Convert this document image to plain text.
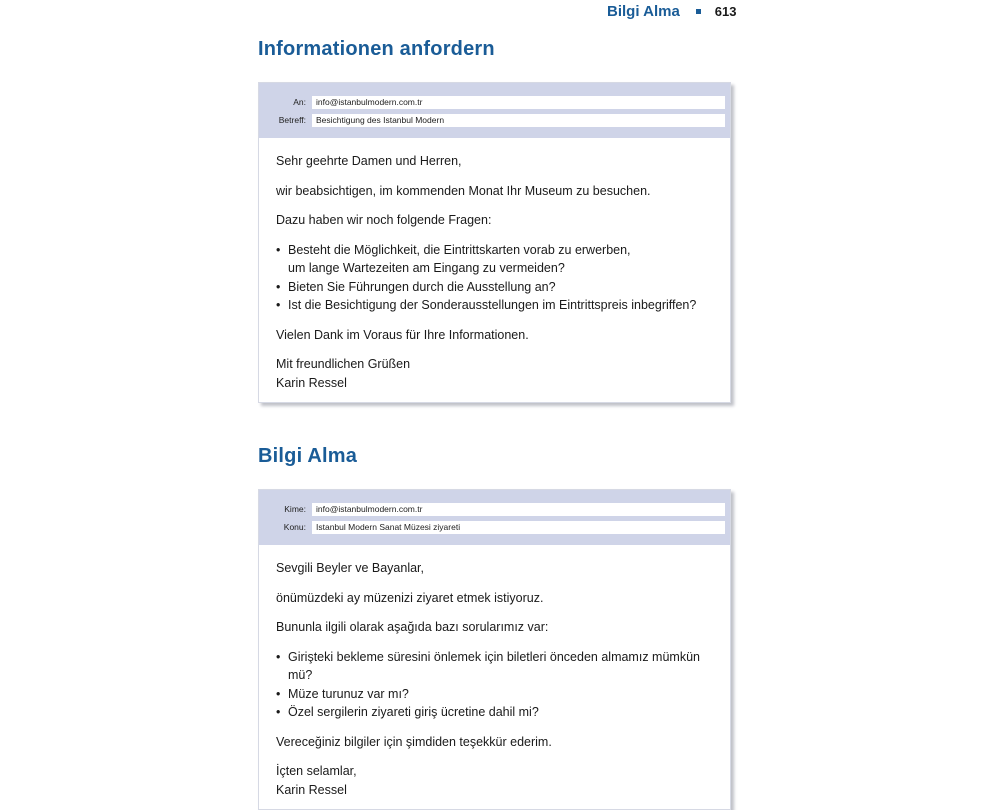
Bilgi Alma	613
Informationen anfordern
An:	info@istanbulmodern.com.tr
Betreff:	Besichtigung des Istanbul Modern

Sehr geehrte Damen und Herren,

wir beabsichtigen, im kommenden Monat Ihr Museum zu besuchen.

Dazu haben wir noch folgende Fragen:

• Besteht die Möglichkeit, die Eintrittskarten vorab zu erwerben,
um lange Wartezeiten am Eingang zu vermeiden?
• Bieten Sie Führungen durch die Ausstellung an?
• Ist die Besichtigung der Sonderausstellungen im Eintrittspreis inbegriffen?

Vielen Dank im Voraus für Ihre Informationen.

Mit freundlichen Grüßen
Karin Ressel

Bilgi Alma
Kime:	info@istanbulmodern.com.tr
Konu:	Istanbul Modern Sanat Müzesi ziyareti

Sevgili Beyler ve Bayanlar,

önümüzdeki ay müzenizi ziyaret etmek istiyoruz.

Bununla ilgili olarak aşağıda bazı sorularımız var:

• Girişteki bekleme süresini önlemek için biletleri önceden almamız mümkün mü?
• Müze turunuz var mı?
• Özel sergilerin ziyareti giriş ücretine dahil mi?

Vereceğiniz bilgiler için şimdiden teşekkür ederim.

İçten selamlar,
Karin Ressel
